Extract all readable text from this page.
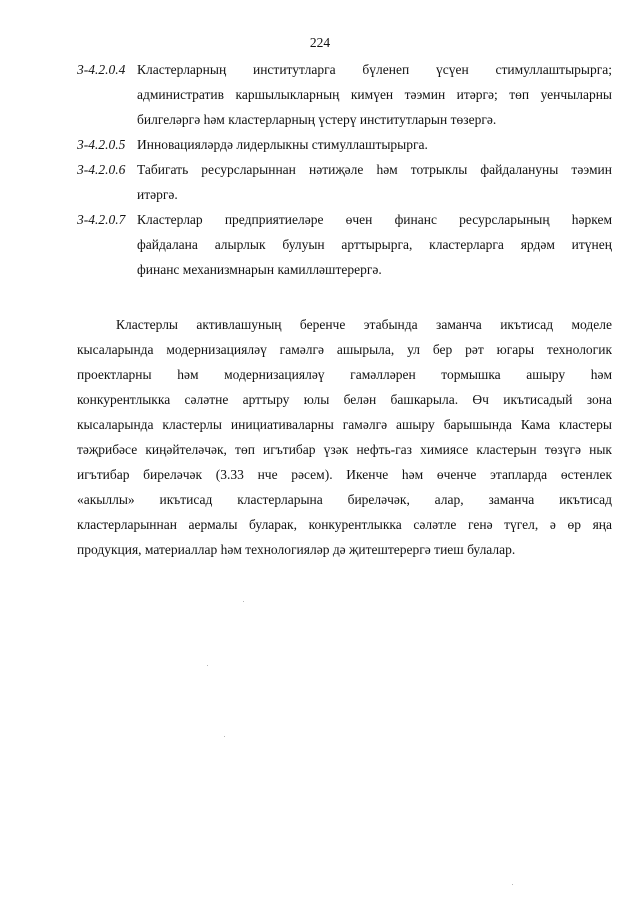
224
3-4.2.0.4 Кластерларның институтларга бүленеп үсүен стимуллаштырырга;
административ каршылыкларның кимүен тәэмин итәргә; төп уенчыларны
билгеләргә һәм кластерларның үстерү институтларын төзергә.
3-4.2.0.5 Инновацияләрдә лидерлыкны стимуллаштырырга.
3-4.2.0.6 Табигать ресурсларыннан нәтиҗәле һәм тотрыклы файдалануны тәэмин
итәргә.
3-4.2.0.7 Кластерлар предприятиеләре өчен финанс ресурсларының һәркем
файдалана алырлык булуын арттырырга, кластерларга ярдәм итүнең
финанс механизмнарын камилләштерергә.
Кластерлы активлашуның беренче этабында заманча икътисад моделе
кысаларында модернизацияләү гамәлгә ашырыла, ул бер рәт югары технологик
проектларны һәм модернизацияләү гамәлләрен тормышка ашыру һәм
конкурентлыкка сәләтне арттыру юлы белән башкарыла. Өч икътисадый зона
кысаларында кластерлы инициативаларны гамәлгә ашыру барышында Кама кластеры
тәҗрибәсе киңәйтеләчәк, төп игътибар үзәк нефть-газ химиясе кластерын төзүгә нык
игътибар биреләчәк (3.33 нче рәсем). Икенче һәм өченче этапларда өстенлек
«акыллы» икътисад кластерларына биреләчәк, алар, заманча икътисад
кластерларыннан аермалы буларак, конкурентлыкка сәләтле генә түгел, ә өр яңа
продукция, материаллар һәм технологияләр дә җитештерергә тиеш булалар.
